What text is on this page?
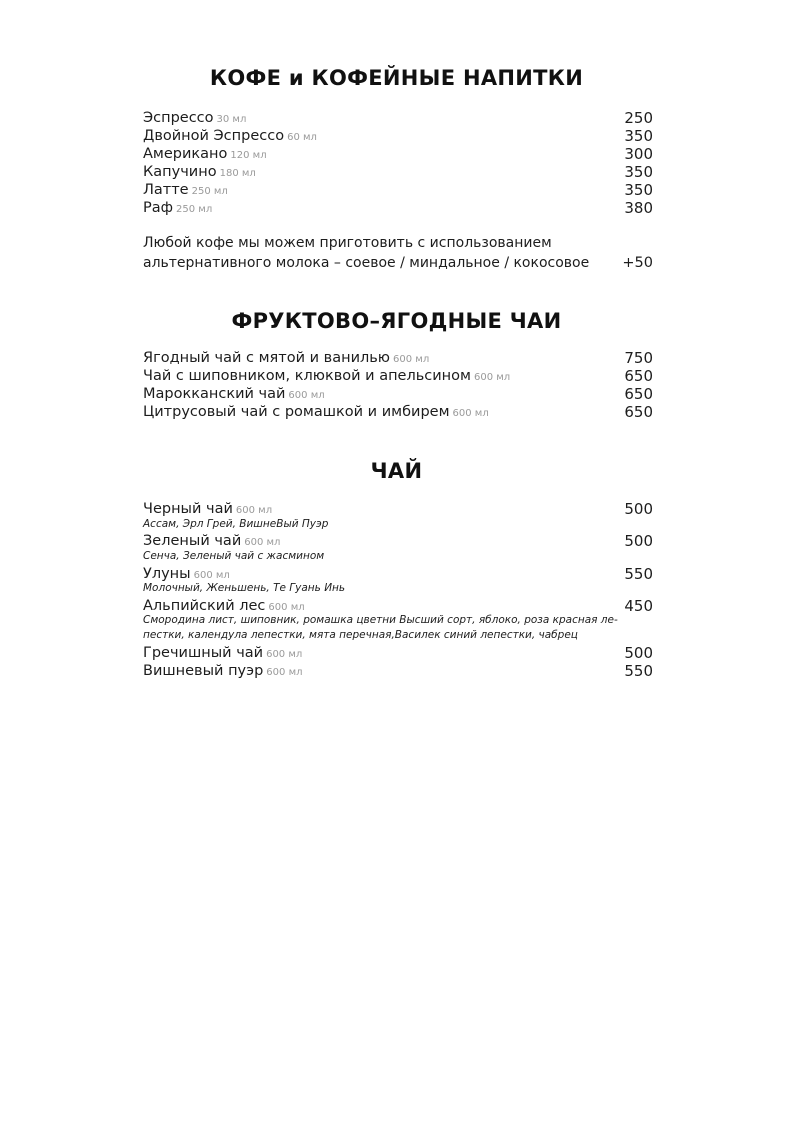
КОФЕ и КОФЕЙНЫЕ НАПИТКИ
Эспрессо 30 мл	250
Двойной Эспрессо 60 мл	350
Американо 120 мл	300
Капучино 180 мл	350
Латте 250 мл	350
Раф 250 мл	380
Любой кофе мы можем приготовить с использованием
альтернативного молока – соевое / миндальное / кокосовое	+50
ФРУКТОВО–ЯГОДНЫЕ ЧАИ
Ягодный чай с мятой и ванилью 600 мл	750
Чай с шиповником, клюквой и апельсином 600 мл	650
Марокканский чай 600 мл	650
Цитрусовый чай с ромашкой и имбирем 600 мл	650
ЧАЙ
Черный чай 600 мл	500
Ассам, Эрл Грей, ВишнеВый Пуэр
Зеленый чай 600 мл	500
Сенча, Зеленый чай с жасмином
Улуны 600 мл	550
Молочный, Женьшень, Те Гуань Инь
Альпийский лес 600 мл	450
Смородина лист, шиповник, ромашка цветни Высший сорт, яблоко, роза красная ле-
пестки, календула лепестки, мята перечная,Василек синий лепестки, чабрец
Гречишный чай 600 мл	500
Вишневый пуэр 600 мл	550
